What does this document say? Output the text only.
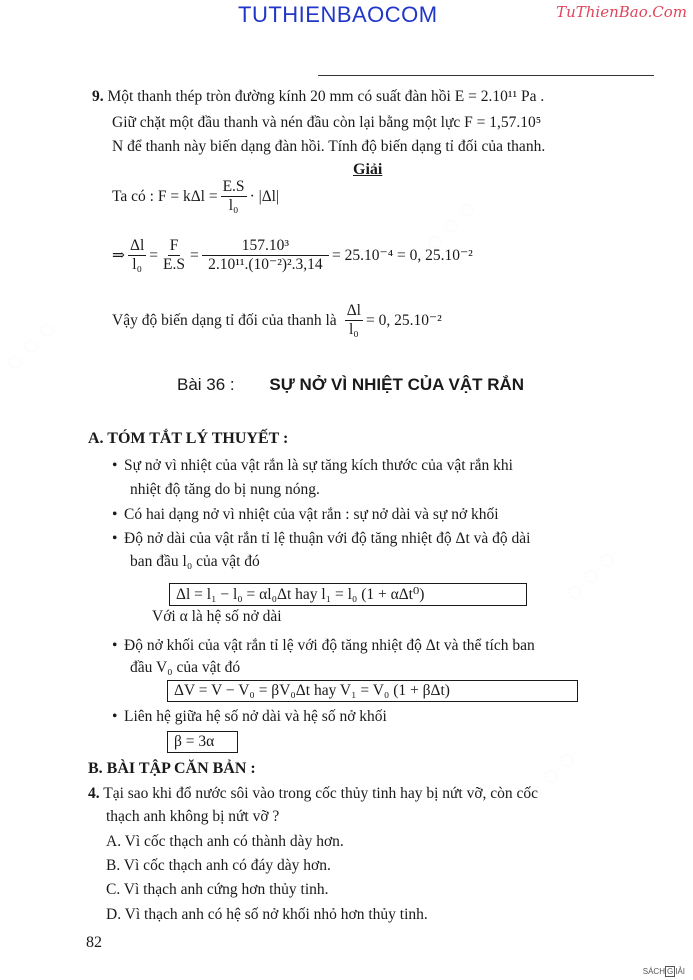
TUTHIENBAOCOM	TuThienBao.Com
9. Một thanh thép tròn đường kính 20 mm có suất đàn hồi E = 2.10¹¹ Pa .
Giữ chặt một đầu thanh và nén đầu còn lại bằng một lực F = 1,57.10⁵
N để thanh này biến dạng đàn hồi. Tính độ biến dạng tỉ đối của thanh.
Giải
Ta có : $F = k\Delta l = \frac{E.S}{\text{l₀}} \cdot |\Delta l|$
⇒ $\frac{\Delta l}{\text{l₀}} = \frac{F}{E.S} = \frac{\text{157.10³}}{\text{2.10¹¹.(10⁻²)².3,14}} = 25.10^{-4} = 0$, 25.10⁻²
Vậy độ biến dạng tỉ đối của thanh là $\frac{\Delta l}{\text{l₀}} = 0$, 25.10⁻²
Bài 36 : SỰ NỞ VÌ NHIỆT CỦA VẬT RẮN
A. TÓM TẮT LÝ THUYẾT :
• Sự nở vì nhiệt của vật rắn là sự tăng kích thước của vật rắn khi
nhiệt độ tăng do bị nung nóng.
• Có hai dạng nở vì nhiệt của vật rắn : sự nở dài và sự nở khối
• Độ nở dài của vật rắn tỉ lệ thuận với độ tăng nhiệt độ Δt và độ dài
ban đầu l₀ của vật đó
Δl = l₁ − l₀ = αl₀Δt hay l₁ = l₀ (1 + αΔt⁰)
Với α là hệ số nở dài
• Độ nở khối của vật rắn tỉ lệ với độ tăng nhiệt độ Δt và thể tích ban
đầu V₀ của vật đó
ΔV = V − V₀ = βV₀Δt hay V₁ = V₀ (1 + βΔt)
• Liên hệ giữa hệ số nở dài và hệ số nở khối
β = 3α
B. BÀI TẬP CĂN BẢN :
4. Tại sao khi đổ nước sôi vào trong cốc thủy tinh hay bị nứt vỡ, còn cốc
thạch anh không bị nứt vỡ ?
A. Vì cốc thạch anh có thành dày hơn.
B. Vì cốc thạch anh có đáy dày hơn.
C. Vì thạch anh cứng hơn thủy tinh.
D. Vì thạch anh có hệ số nở khối nhỏ hơn thủy tinh.
82
SÁCH G IẢI
